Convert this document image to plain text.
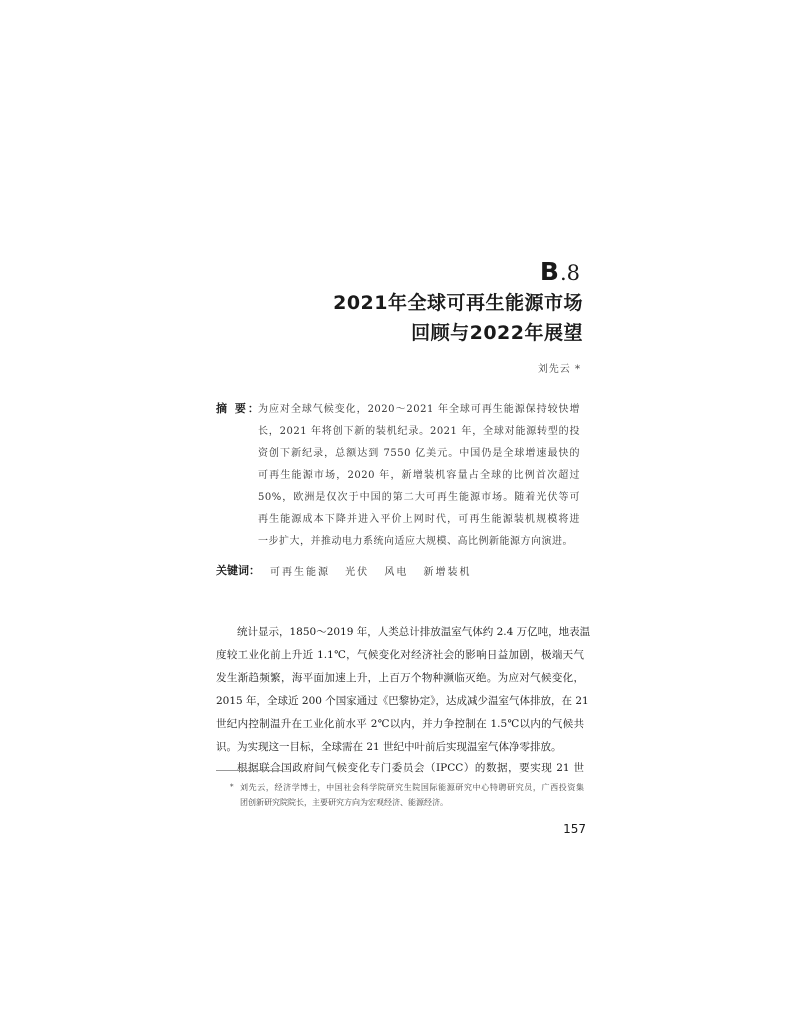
B.8
2021年全球可再生能源市场
回顾与2022年展望
刘先云 *
摘 要：
为应对全球气候变化，2020～2021 年全球可再生能源保持较快增
长，2021 年将创下新的装机纪录。2021 年，全球对能源转型的投
资创下新纪录，总额达到 7550 亿美元。中国仍是全球增速最快的
可再生能源市场，2020 年，新增装机容量占全球的比例首次超过
50%，欧洲是仅次于中国的第二大可再生能源市场。随着光伏等可
再生能源成本下降并进入平价上网时代，可再生能源装机规模将进
一步扩大，并推动电力系统向适应大规模、高比例新能源方向演进。
关键词： 可再生能源 光伏 风电 新增装机
统计显示，1850～2019 年，人类总计排放温室气体约 2.4 万亿吨，地表温
度较工业化前上升近 1.1℃，气候变化对经济社会的影响日益加剧，极端天气
发生渐趋频繁，海平面加速上升，上百万个物种濒临灭绝。为应对气候变化，
2015 年，全球近 200 个国家通过《巴黎协定》，达成减少温室气体排放，在 21
世纪内控制温升在工业化前水平 2℃以内，并力争控制在 1.5℃以内的气候共
识。为实现这一目标，全球需在 21 世纪中叶前后实现温室气体净零排放。
根据联合国政府间气候变化专门委员会（IPCC）的数据，要实现 21 世
* 刘先云，经济学博士，中国社会科学院研究生院国际能源研究中心特聘研究员，广西投资集
团创新研究院院长，主要研究方向为宏观经济、能源经济。
157
